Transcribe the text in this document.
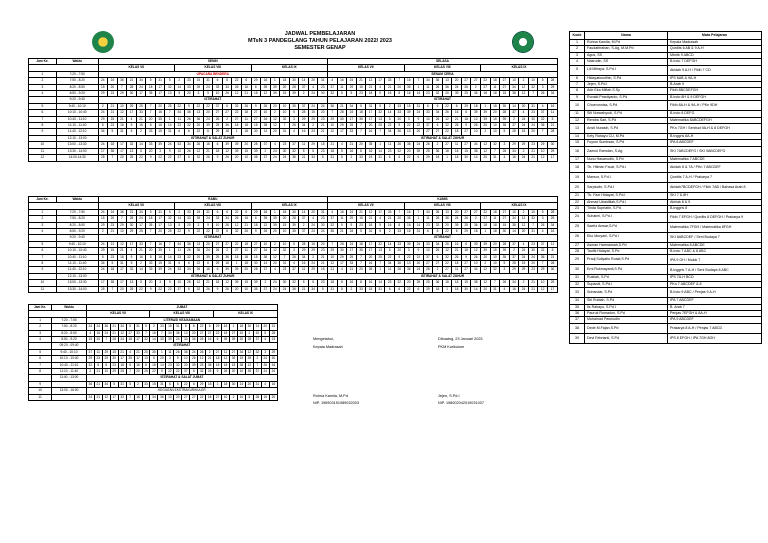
JADWAL PEMBELAJARAN
MTsN 3 PANDEGLANG TAHUN PELAJARAN 2022/ 2023
SEMESTER GENAP
Jam Ke.	Waktu	SENIN																								SELASA																							
		KELAS VII								KELAS VIII								KELAS IX								KELAS VII								KELAS VIII								KELAS IX							
1	7:20 - 7:50	UPACARA BENDERA																								SENAM CERIA																							
2	7:50 - 8:20	24	24	36	21	34	5	31	5	2	33	15	31	6	6	22	6	29	18	1	18	30	14	20	31	4	16	24	21	12	17	33	7	16	7	34	36	13	20	27	27	22	18	27	10	2	10	5	28
3	8:20 - 8:50	15	20	7	28	24	18	17	32	14	33	39	24	33	34	26	16	6	39	39	20	28	37	4	23	37	11	29	15	21	4	21	20	35	1	11	26	36	24	26	2	27	11	27	34	12	32	3	29
4	8:50 - 9:20	29	23	29	30	17	35	17	13	5	20	3	9	10	26	12	21	18	12	39	15	39	2	24	30	32	5	5	23	18	5	16	8	16	14	23	32	20	39	25	36	18	18	15	38	12	7	26	34
	9:20 - 9:40	ISTIRAHAT																								ISTIRAHAT																							
5	9:40 - 10:10	2	21	10	29	25	7	20	25	22	9	22	22	37	6	32	26	9	26	20	10	35	37	24	24	36	21	34	5	31	5	2	33	15	31	6	6	22	6	29	18	1	18	30	14	20	31	4	16
6	10:10 - 10:40	24	21	12	17	33	7	16	7	34	36	13	20	27	27	22	18	27	10	2	10	5	28	15	20	7	28	24	18	17	32	14	33	39	24	33	34	26	16	6	39	39	20	28	37	4	23	37	11
7	10:40 - 11:10	29	15	21	4	21	20	35	1	11	26	36	24	26	2	27	11	27	34	12	32	3	29	29	23	29	30	17	35	17	13	5	20	3	9	10	26	12	21	18	12	39	15	39	2	24	30	32	5
8	11:10 - 11:40	5	23	18	5	16	8	16	14	23	32	20	39	25	36	18	18	15	38	12	7	26	34	2	21	10	29	25	7	20	25	22	9	22	22	37	6	32	26	9	26	20	10	35	37	24	24	36	21
9	11:40 - 12:10	34	5	31	5	2	33	15	31	6	6	22	6	29	18	1	18	30	14	20	31	4	16	24	21	12	17	33	7	16	7	34	36	13	20	27	27	22	18	27	10	2	10	5	28	15	20	7	28
	12:10 - 13:00	ISTIRAHAT & SALAT ZUHUR																								ISTIRAHAT & SALAT ZUHUR																							
10	13:00 - 13:30	24	18	17	32	14	33	39	24	33	34	26	16	6	39	39	20	28	37	4	23	37	11	29	15	21	4	21	20	35	1	11	26	36	24	26	2	27	11	27	34	12	32	3	29	29	23	29	30
11	13:30 - 14:00	17	35	17	13	5	20	3	9	10	26	12	21	18	12	39	15	39	2	24	30	32	5	5	23	18	5	16	8	16	14	23	32	20	39	25	36	18	18	15	38	12	7	26	34	2	21	10	29
12	14:00-14:30	25	7	20	25	22	9	22	22	37	6	32	26	9	26	20	10	35	37	24	24	36	21	34	5	31	5	2	33	15	31	6	6	22	6	29	18	1	18	30	14	20	31	4	16	24	21	12	17
Jam Ke.	Waktu	RABU																								KAMIS																							
		KELAS VII								KELAS VIII								KELAS IX								KELAS VII								KELAS VIII								KELAS IX							
1	7:20 - 7:50	24	24	36	21	34	5	31	5	2	33	15	31	6	6	22	6	29	18	1	18	30	14	20	31	4	16	24	21	12	17	33	7	16	7	34	36	13	20	27	27	22	18	27	10	2	10	5	28
2	7:50 - 8:20	15	20	7	28	24	18	17	32	14	33	39	24	33	34	26	16	6	39	39	20	28	37	4	23	37	11	29	15	21	4	21	20	35	1	11	26	36	24	26	2	27	11	27	34	12	32	3	29
3	8:20 - 8:50	29	23	29	30	17	35	17	13	5	20	3	9	10	26	12	21	18	12	39	15	39	2	24	30	32	5	5	23	18	5	16	8	16	14	23	32	20	39	25	36	18	18	15	38	12	7	26	34
4	8:50 - 9:20	2	21	10	29	25	7	20	25	22	9	22	22	37	6	32	26	9	26	20	10	35	37	24	24	36	21	34	5	31	5	2	33	15	31	6	6	22	6	29	18	1	18	30	14	20	31	4	16
	9:20 - 9:40	ISTIRAHAT																								ISTIRAHAT																							
5	9:40 - 10:10	24	21	12	17	33	7	16	7	34	36	13	20	27	27	22	18	27	10	2	10	5	28	15	20	7	28	24	18	17	32	14	33	39	24	33	34	26	16	6	39	39	20	28	37	4	23	37	11
6	10:10 - 10:40	29	15	21	4	21	20	35	1	11	26	36	24	26	2	27	11	27	34	12	32	3	29	29	23	29	30	17	35	17	13	5	20	3	9	10	26	12	21	18	12	39	15	39	2	24	30	32	5
7	10:40 - 11:10	5	23	18	5	16	8	16	14	23	32	20	39	25	36	18	18	15	38	12	7	26	34	2	21	10	29	25	7	20	25	22	9	22	22	37	6	32	26	9	26	20	10	35	37	24	24	36	21
8	11:10 - 11:40	34	5	31	5	2	33	15	31	6	6	22	6	29	18	1	18	30	14	20	31	4	16	24	21	12	17	33	7	16	7	34	36	13	20	27	27	22	18	27	10	2	10	5	28	15	20	7	28
9	11:40 - 12:10	24	18	17	32	14	33	39	24	33	34	26	16	6	39	39	20	28	37	4	23	37	11	29	15	21	4	21	20	35	1	11	26	36	24	26	2	27	11	27	34	12	32	3	29	29	23	29	30
	12:10 - 13:00	ISTIRAHAT & SALAT ZUHUR																								ISTIRAHAT & SALAT ZUHUR																							
10	13:00 - 13:30	17	35	17	13	5	20	3	9	10	26	12	21	18	12	39	15	39	2	24	30	32	5	5	23	18	5	16	8	16	14	23	32	20	39	25	36	18	18	15	38	12	7	26	34	2	21	10	29
11	13:30 - 14:00	25	7	20	25	22	9	22	22	37	6	32	26	9	26	20	10	35	37	24	24	36	21	34	5	31	5	2	33	15	31	6	6	22	6	29	18	1	18	30	14	20	31	4	16	24	21	12	17
Jam Ke.	Waktu	JUMAT																							
		KELAS VII								KELAS VIII								KELAS IX							
1	7:20 - 7:50	LITERASI KEAGAMAAN																							
2	7:50 - 8:20	24	24	36	21	34	5	31	5	2	33	15	31	6	6	22	6	29	18	1	18	30	14	20	31
3	8:20 - 8:50	4	16	24	21	12	17	33	7	16	7	34	36	13	20	27	27	22	18	27	10	2	10	5	28
4	8:50 - 9:20	15	20	7	28	24	18	17	32	14	33	39	24	33	34	26	16	6	39	39	20	28	37	4	23
	09:20 - 09:40	ISTIRAHAT																							
5	9:40 - 10:10	37	11	29	15	21	4	21	20	35	1	11	26	36	24	26	2	27	11	27	34	12	32	3	29
6	10:10 - 10:40	29	23	29	30	17	35	17	13	5	20	3	9	10	26	12	21	18	12	39	15	39	2	24	30
7	10:40 - 11:10	32	5	5	23	18	5	16	8	16	14	23	32	20	39	25	36	18	18	15	38	12	7	26	34
8	11:10 - 11:40	2	21	10	29	25	7	20	25	22	9	22	22	37	6	32	26	9	26	20	10	35	37	24	24
	11:40 - 13:00	ISTIRAHAT & SALAT JUMAT																							
9		36	21	34	5	31	5	2	33	15	31	6	6	22	6	29	18	1	18	30	14	20	31	4	16
10	13:00 - 16:00	KEGIATAN EKSTRAKURIKULER																							
11		24	21	12	17	33	7	16	7	34	36	13	20	27	27	22	18	27	10	2	10	5	28	15	20
Mengetahui,
Kepala Madrasah
Dibuatng, 23 Januari 2023
PKM Kurikulum
Rohna Kamila, M.Pd
NIP. 196903151989032003
Jejen, S.Pd.I
NIP. 198002042019031007
Kode	Nama	Mata Pelajaran
1	Rohna Kamila, M.Pd	Kepala Madrasah
2	Faudatirrahan, S.Ag, M.M.Pd	Qurdits 6 AB & 9 A-H
3	Agus, SS	Mtmtk 9 ABCD
4	Nasrudin, SS	B.Indo 7 DEFGH
5	Lili Mihaya, S.Pd.I	Akidah 9 A-H / Fikih 7 CD
6	Hidayatusolihin, S.Pd	IPS 6AB & 9A-H
7	Jejen, S.Pd.I	B.Arab 9
8	Ade Eka Miftah S.Sy	Fikih 8BCDEFGH
9	Ronald Prastiyanto, S.Pd	B.Indo 8H & 9 DEFGH
10	Choerunnisa, S.Pd	Fikih 8A-H & 9A-H / PKn 9DH
11	Siti Nurwahyudi, S.Pd	B.Indo 8 DEFG
12	Rendra Sari, S.Pd	Matematika 8ABCDEFGH
13	Ansti Nurasih, S.Pd	PKn 7GH / Senbud 9A-H & 8 DEFGH
14	Kety Rahayu CU, M.Pd	B.Inggris 8A-H
15	Fuyum Sumirsan, S.Pd	IPA 8 ABCDEF
16	Zaenul Ramdan, S.Ag	SKI 7ABCDEFG / SKI 9ABCDEFG
17	Nunu Hasanudin, S.Pd	Matematika 7 ABCDE
18	Tb. Hilman Fauzi, S.Pd.I	Akidah 8 & 7A / PKn 7 ABCDEF
19	Mansur, S.Pd.I	Qurdits 7 A-H / Prakarya 7
20	Sarpiudin, S.Pd.I	Akidah7BCDEFGH / Fikih 7AB / Bahasa Arab 8
21	Tb. Fazr Hidayat, S.Pd.I	SKI 7 & 8H
22	Ahmad Ubaidillah,S.Pd.I	Akhlak 8 & 9
23	Tinda Supriatin, S.Pd	B.Inggris 8
24	Suhaimi, S.Pd.I	Fikih 7 EFGH / Qurdits 8 DEFGH / Prakarya 9
25	Saeful Anwar,S.Pd	Matematika 7FGH / Matematika 8FGH
26	Eko Muryani, S.Pd.I	SKI 8ABCDEF / Seni Budaya 7
27	Asman Harmansah,S.Pd	Matematika 8 ABCDE
28	Taufik Hidayat, S.Pd	B.Indo 7 ABC & 8 ABC
29	Pradj Suliyatiu Roaid,S.Pd	IPA 9 GH / Mulok 7
30	Erni Rukmayanti,S.Pd	B.Inggris 7 A-H / Seni Budaya 8 ABC
31	Rusilah, S.Pd	IPS 7A-H BCD
32	Supandi, S.Pd.I	PKn 7 ABCDEF & 8
33	Suhandar, S.Pd	B.Indo 9 ABC / Penjas 9 A-H
34	Siti Rubiah, S.Pd	IPA 7 ABCDEF
35	Iis Rahayu, S.Pd.I	B. Arab 7
36	Pauruk Romadon, S.Pd	Penjas 7EFGH & 8A-H
37	Muhamad Pawnudin	IPA 9 ABCDEF
38	Dede M.Fajan,S.Pd	Prakarya 8 A-H / Penjas 7 ABCD
39	Devi Febrianti, S.Pd	IPS 8 EFGH / IPA 7GH 8GH
